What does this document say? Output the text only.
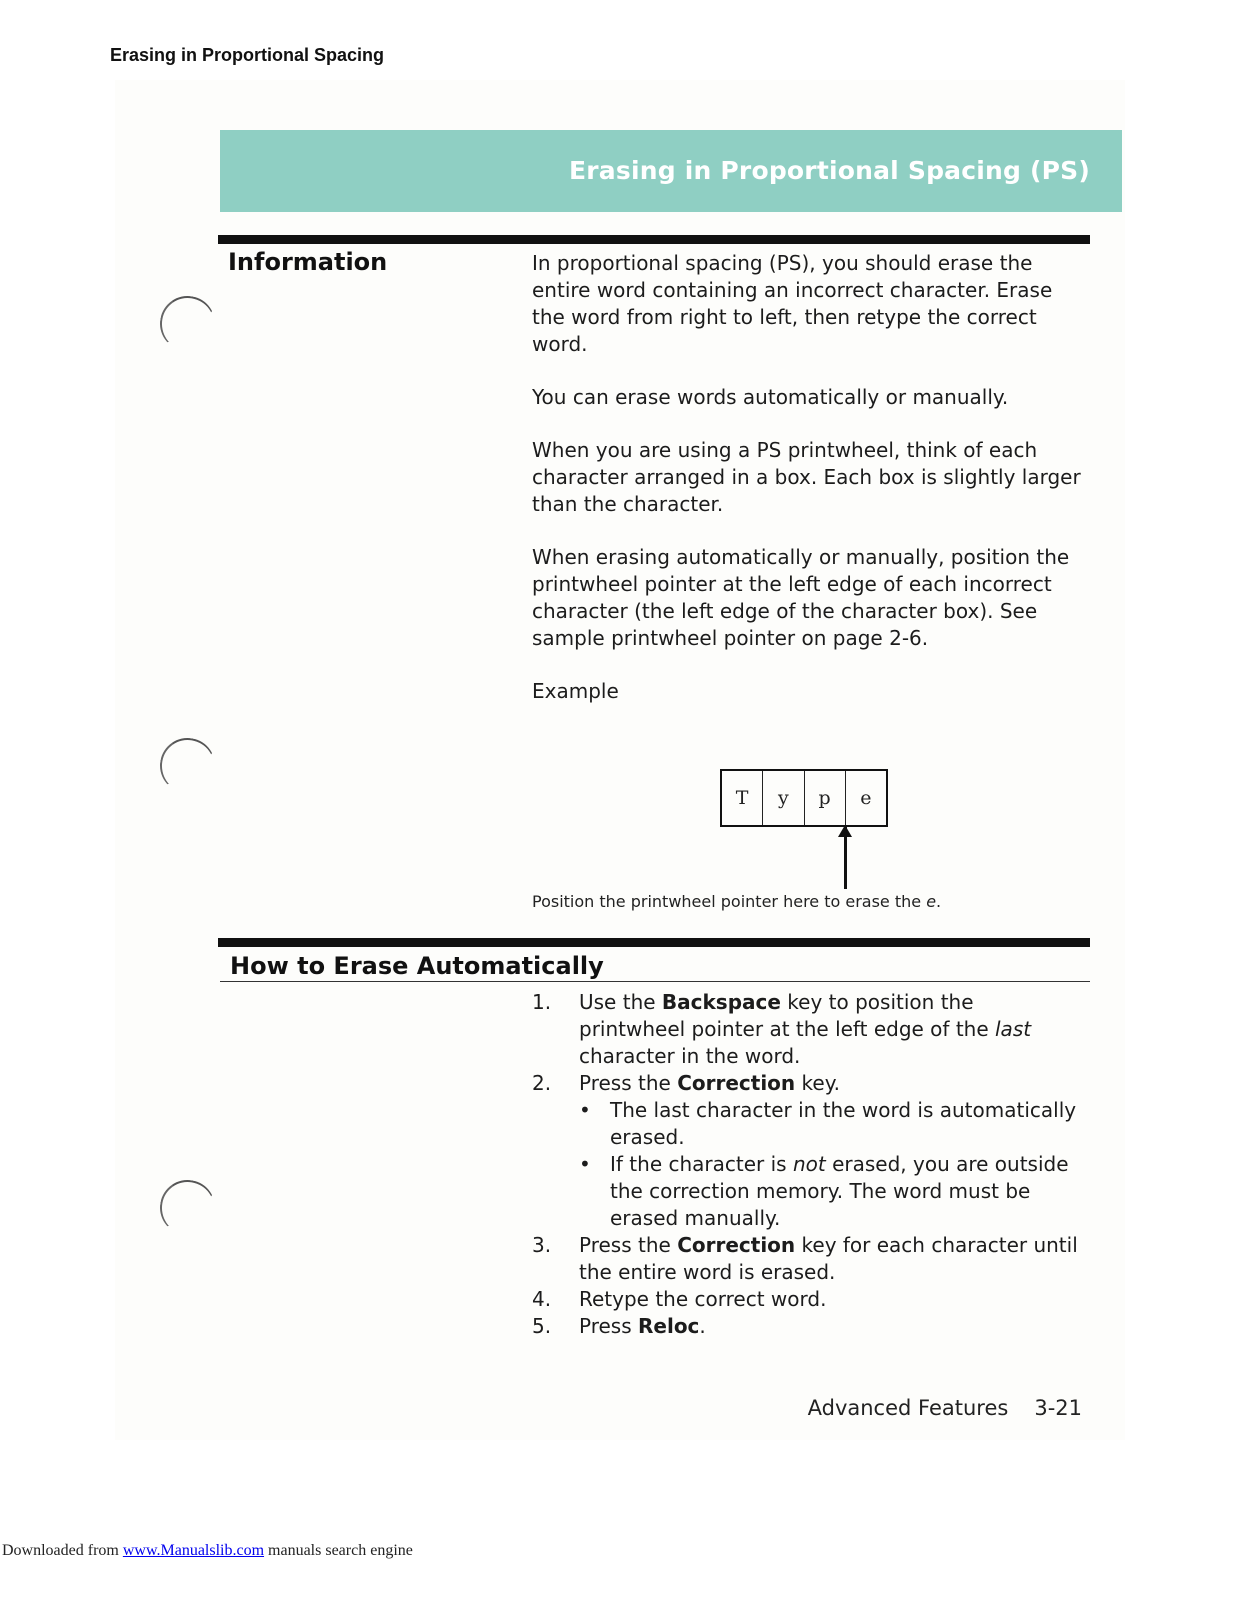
Erasing in Proportional Spacing
Erasing in Proportional Spacing (PS)
Information	In proportional spacing (PS), you should erase the entire word containing an incorrect character. Erase the word from right to left, then retype the correct word.

You can erase words automatically or manually.

When you are using a PS printwheel, think of each character arranged in a box. Each box is slightly larger than the character.

When erasing automatically or manually, position the printwheel pointer at the left edge of each incorrect character (the left edge of the character box). See sample printwheel pointer on page 2-6.

Example

T	y	p	e
Position the printwheel pointer here to erase the e.
How to Erase Automatically
1. Use the Backspace key to position the printwheel pointer at the left edge of the last character in the word.
2. Press the Correction key.
• The last character in the word is automatically erased.
• If the character is not erased, you are outside the correction memory. The word must be erased manually.
3. Press the Correction key for each character until the entire word is erased.
4. Retype the correct word.
5. Press Reloc.
Advanced Features 3-21
Downloaded from www.Manualslib.com manuals search engine
